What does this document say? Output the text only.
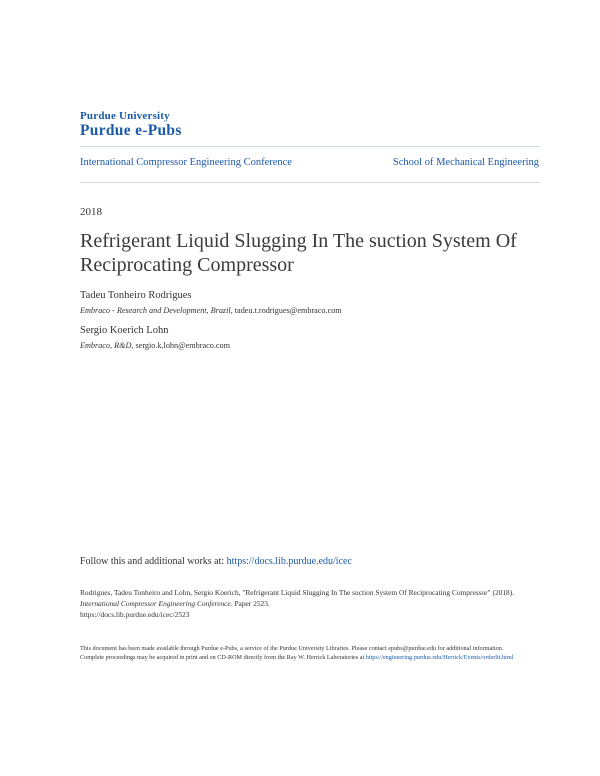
Purdue University
Purdue e-Pubs
International Compressor Engineering Conference	School of Mechanical Engineering
2018
Refrigerant Liquid Slugging In The suction System Of Reciprocating Compressor
Tadeu Tonheiro Rodrigues
Embraco - Research and Development, Brazil, tadeu.t.rodrigues@embraco.com
Sergio Koerich Lohn
Embraco, R&D, sergio.k.lohn@embraco.com
Follow this and additional works at: https://docs.lib.purdue.edu/icec
Rodrigues, Tadeu Tonheiro and Lohn, Sergio Koerich, "Refrigerant Liquid Slugging In The suction System Of Reciprocating Compressor" (2018). International Compressor Engineering Conference. Paper 2523.
https://docs.lib.purdue.edu/icec/2523

This document has been made available through Purdue e-Pubs, a service of the Purdue University Libraries. Please contact epubs@purdue.edu for additional information.

Complete proceedings may be acquired in print and on CD-ROM directly from the Ray W. Herrick Laboratories at https://engineering.purdue.edu/Herrick/Events/orderlit.html
